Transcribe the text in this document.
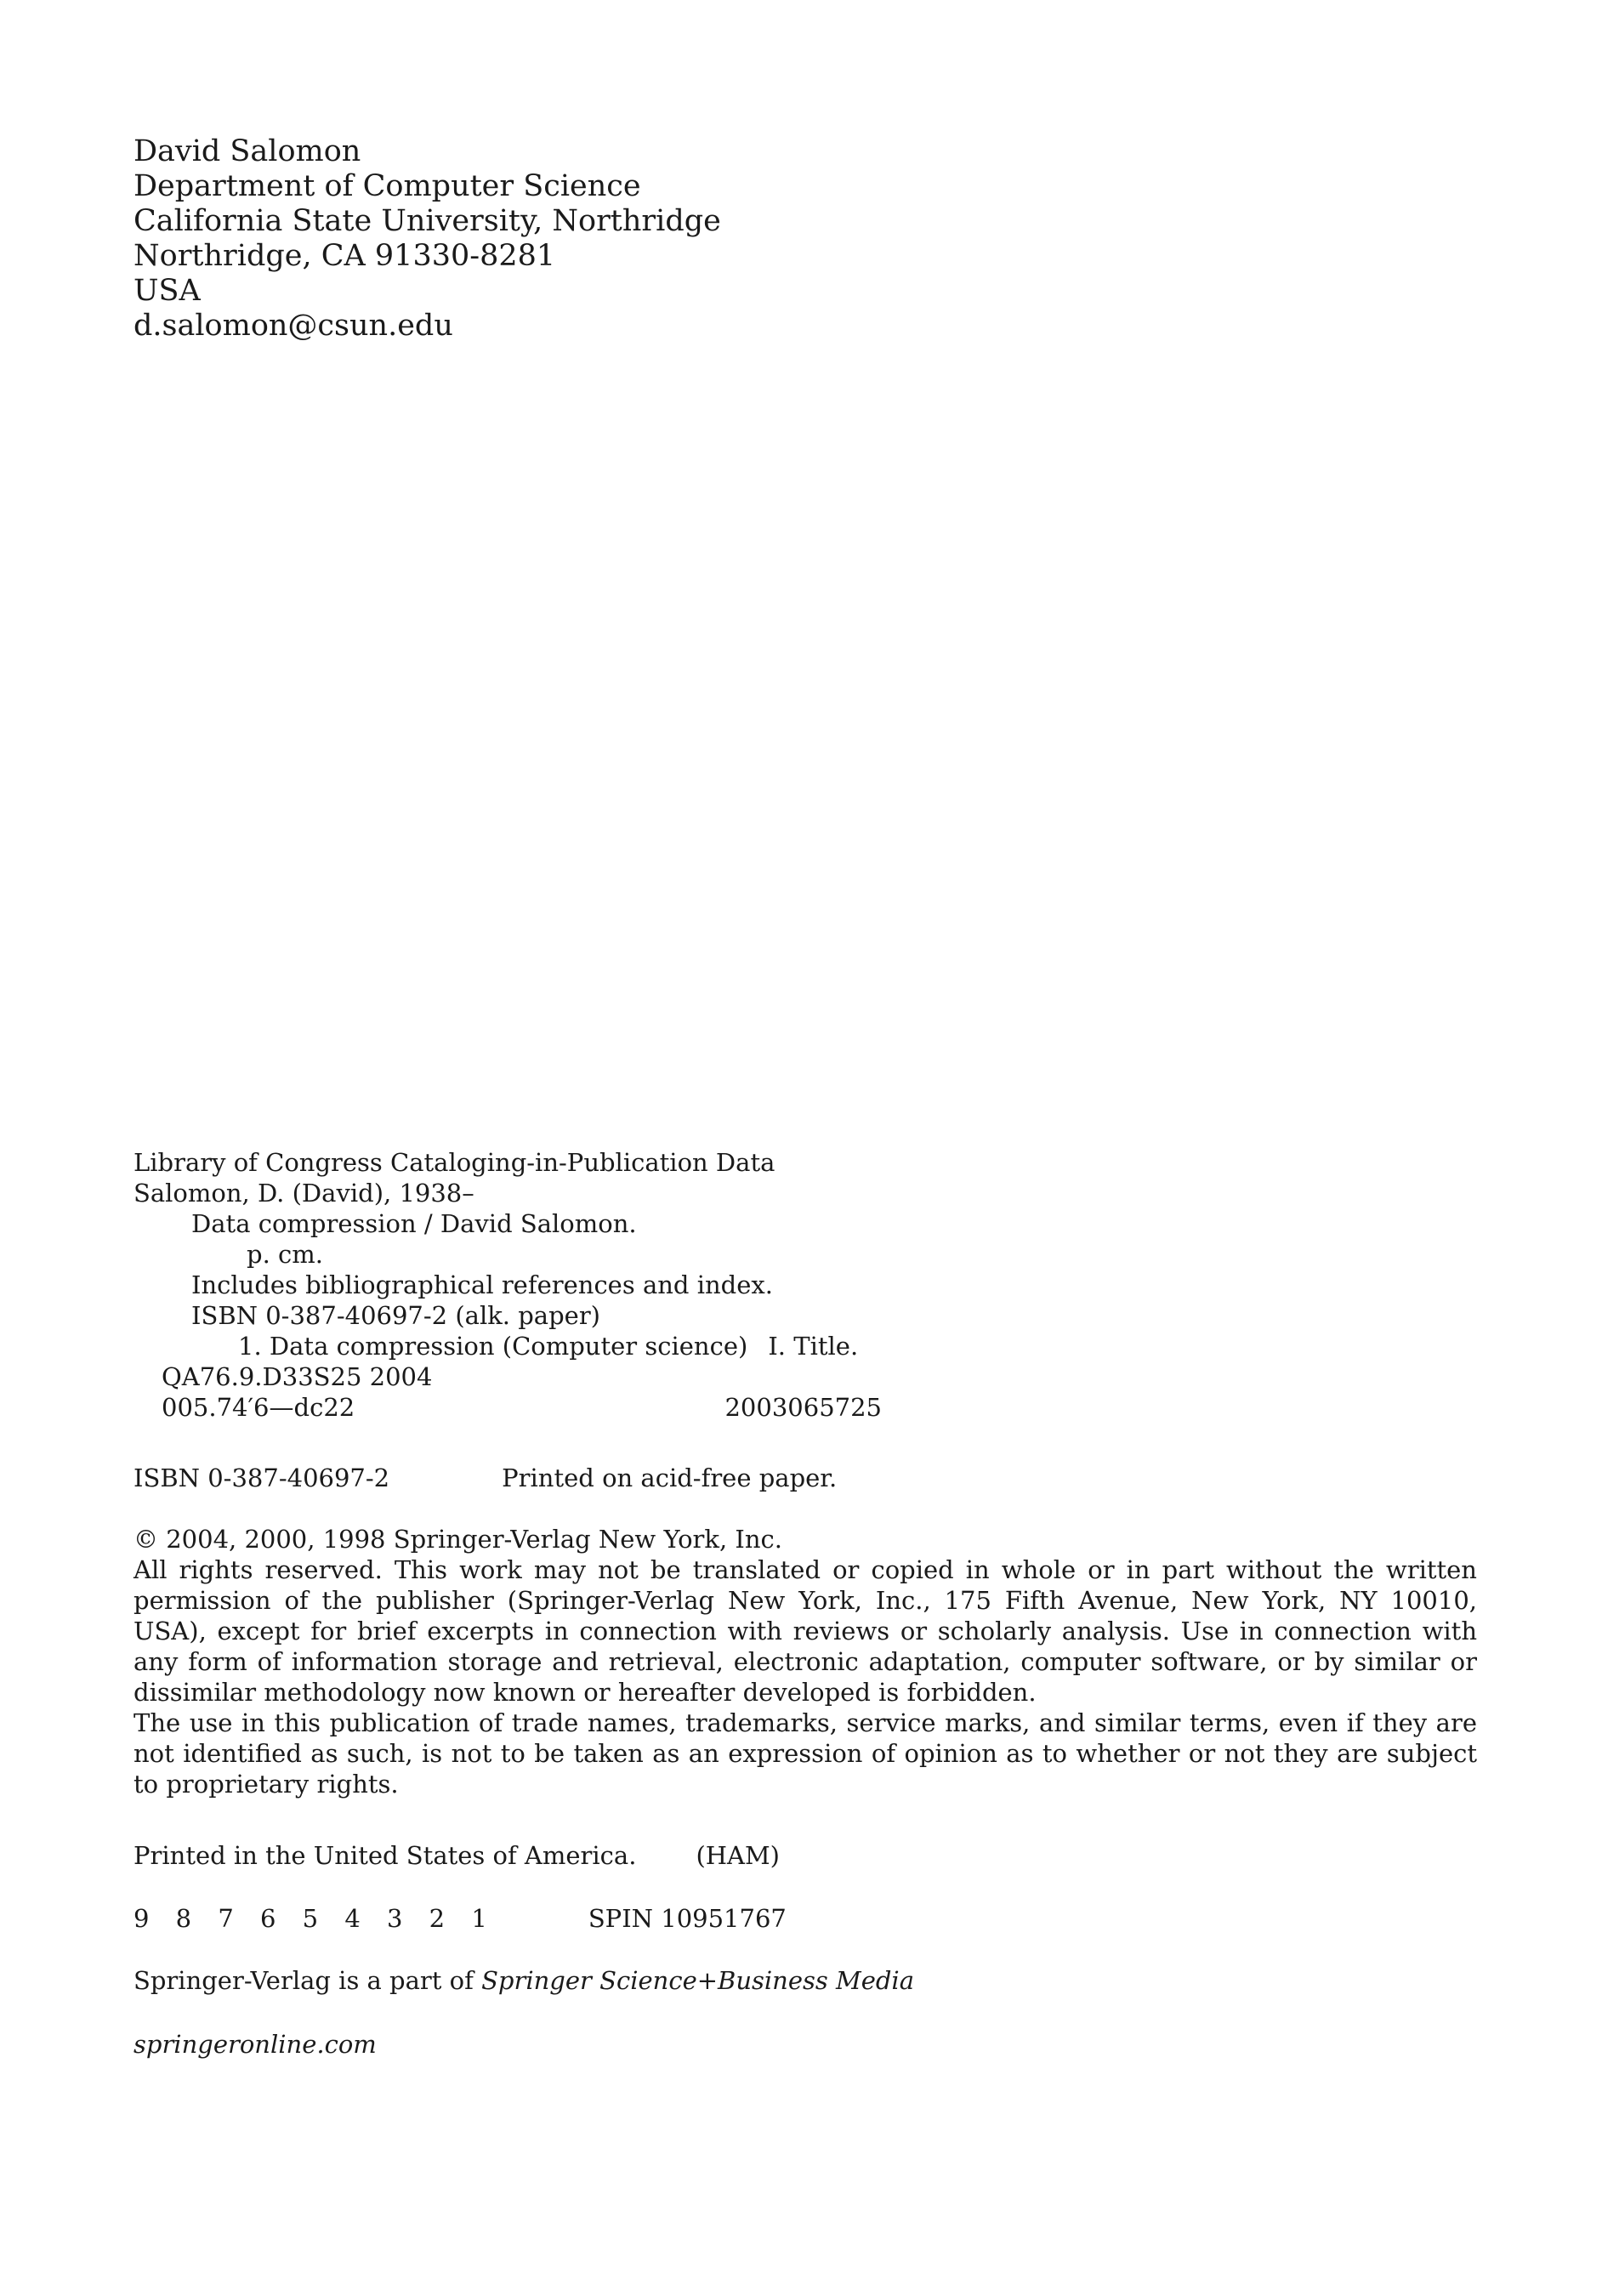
David Salomon
Department of Computer Science
California State University, Northridge
Northridge, CA 91330-8281
USA
d.salomon@csun.edu
Library of Congress Cataloging-in-Publication Data
Salomon, D. (David), 1938–
Data compression / David Salomon.
p. cm.
Includes bibliographical references and index.
ISBN 0-387-40697-2 (alk. paper)
1. Data compression (Computer science) I. Title.
QA76.9.D33S25 2004
005.74′6—dc22	2003065725
ISBN 0-387-40697-2	Printed on acid-free paper.

© 2004, 2000, 1998 Springer-Verlag New York, Inc.

All rights reserved. This work may not be translated or copied in whole or in part without the written permission of the publisher (Springer-Verlag New York, Inc., 175 Fifth Avenue, New York, NY 10010, USA), except for brief excerpts in connection with reviews or scholarly analysis. Use in connection with any form of information storage and retrieval, electronic adaptation, computer software, or by similar or dissimilar methodology now known or hereafter developed is forbidden.

The use in this publication of trade names, trademarks, service marks, and similar terms, even if they are not identified as such, is not to be taken as an expression of opinion as to whether or not they are subject to proprietary rights.

Printed in the United States of America. (HAM)
9 8 7 6 5 4 3 2 1	SPIN 10951767
Springer-Verlag is a part of Springer Science+Business Media
springeronline.com
